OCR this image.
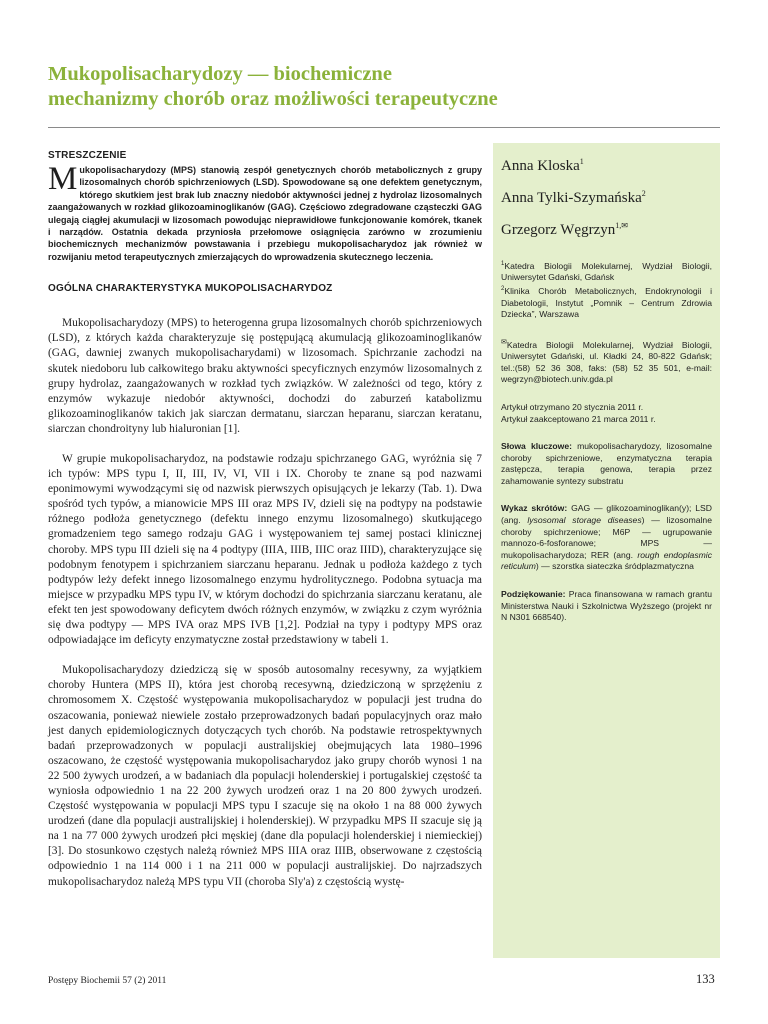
Mukopolisacharydozy — biochemiczne
mechanizmy chorób oraz możliwości terapeutyczne
STRESZCZENIE

Mukopolisacharydozy (MPS) stanowią zespół genetycznych chorób metabolicznych z grupy lizosomalnych chorób spichrzeniowych (LSD). Spowodowane są one defektem genetycznym, którego skutkiem jest brak lub znaczny niedobór aktywności jednej z hydrolaz lizosomalnych zaangażowanych w rozkład glikozoaminoglikanów (GAG). Częściowo zdegradowane cząsteczki GAG ulegają ciągłej akumulacji w lizosomach powodując nieprawidłowe funkcjonowanie komórek, tkanek i narządów. Ostatnia dekada przyniosła przełomowe osiągnięcia zarówno w zrozumieniu biochemicznych mechanizmów powstawania i przebiegu mukopolisacharydoz jak również w rozwijaniu metod terapeutycznych zmierzających do wprowadzenia skutecznego leczenia.

OGÓLNA CHARAKTERYSTYKA MUKOPOLISACHARYDOZ

Mukopolisacharydozy (MPS) to heterogenna grupa lizosomalnych chorób spichrzeniowych (LSD), z których każda charakteryzuje się postępującą akumulacją glikozoaminoglikanów (GAG, dawniej zwanych mukopolisacharydami) w lizosomach. Spichrzanie zachodzi na skutek niedoboru lub całkowitego braku aktywności specyficznych enzymów lizosomalnych z grupy hydrolaz, zaangażowanych w rozkład tych związków. W zależności od tego, który z enzymów wykazuje niedobór aktywności, dochodzi do zaburzeń katabolizmu glikozoaminoglikanów takich jak siarczan dermatanu, siarczan heparanu, siarczan keratanu, siarczan chondroityny lub hialuronian [1].

W grupie mukopolisacharydoz, na podstawie rodzaju spichrzanego GAG, wyróżnia się 7 ich typów: MPS typu I, II, III, IV, VI, VII i IX. Choroby te znane są pod nazwami eponimowymi wywodzącymi się od nazwisk pierwszych opisujących je lekarzy (Tab. 1). Dwa spośród tych typów, a mianowicie MPS III oraz MPS IV, dzieli się na podtypy na podstawie różnego podłoża genetycznego (defektu innego enzymu lizosomalnego) skutkującego gromadzeniem tego samego rodzaju GAG i występowaniem tej samej postaci klinicznej choroby. MPS typu III dzieli się na 4 podtypy (IIIA, IIIB, IIIC oraz IIID), charakteryzujące się podobnym fenotypem i spichrzaniem siarczanu heparanu. Jednak u podłoża każdego z tych podtypów leży defekt innego lizosomalnego enzymu hydrolitycznego. Podobna sytuacja ma miejsce w przypadku MPS typu IV, w którym dochodzi do spichrzania siarczanu keratanu, ale efekt ten jest spowodowany deficytem dwóch różnych enzymów, w związku z czym wyróżnia się dwa podtypy — MPS IVA oraz MPS IVB [1,2]. Podział na typy i podtypy MPS oraz odpowiadające im deficyty enzymatyczne został przedstawiony w tabeli 1.

Mukopolisacharydozy dziedziczą się w sposób autosomalny recesywny, za wyjątkiem choroby Huntera (MPS II), która jest chorobą recesywną, dziedziczoną w sprzężeniu z chromosomem X. Częstość występowania mukopolisacharydoz w populacji jest trudna do oszacowania, ponieważ niewiele zostało przeprowadzonych badań populacyjnych oraz mało jest danych epidemiologicznych dotyczących tych chorób. Na podstawie retrospektywnych badań przeprowadzonych w populacji australijskiej obejmujących lata 1980–1996 oszacowano, że częstość występowania mukopolisacharydoz jako grupy chorób wynosi 1 na 22 500 żywych urodzeń, a w badaniach dla populacji holenderskiej i portugalskiej częstość ta wyniosła odpowiednio 1 na 22 200 żywych urodzeń oraz 1 na 20 800 żywych urodzeń. Częstość występowania w populacji MPS typu I szacuje się na około 1 na 88 000 żywych urodzeń (dane dla populacji australijskiej i holenderskiej). W przypadku MPS II szacuje się ją na 1 na 77 000 żywych urodzeń płci męskiej (dane dla populacji holenderskiej i niemieckiej) [3]. Do stosunkowo częstych należą również MPS IIIA oraz IIIB, obserwowane z częstością odpowiednio 1 na 114 000 i 1 na 211 000 w populacji australijskiej. Do najrzadszych mukopolisacharydoz należą MPS typu VII (choroba Sly'a) z częstością wystę-

Anna Kloska$^1$
Anna Tylki-Szymańska$^2$
Grzegorz Węgrzyn$^{1,✉}$

$^1$Katedra Biologii Molekularnej, Wydział Biologii, Uniwersytet Gdański, Gdańsk

$^2$Klinika Chorób Metabolicznych, Endokrynologii i Diabetologii, Instytut „Pomnik – Centrum Zdrowia Dziecka”, Warszawa

✉Katedra Biologii Molekularnej, Wydział Biologii, Uniwersytet Gdański, ul. Kładki 24, 80-822 Gdańsk; tel.:(58) 52 36 308, faks: (58) 52 35 501, e-mail: wegrzyn@biotech.univ.gda.pl

Artykuł otrzymano 20 stycznia 2011 r.

Artykuł zaakceptowano 21 marca 2011 r.

Słowa kluczowe: mukopolisacharydozy, lizosomalne choroby spichrzeniowe, enzymatyczna terapia zastępcza, terapia genowa, terapia przez zahamowanie syntezy substratu

Wykaz skrótów: GAG — glikozoaminoglikan(y); LSD (ang. lysosomal storage diseases) — lizosomalne choroby spichrzeniowe; M6P — ugrupowanie mannozo-6-fosforanowe; MPS — mukopolisacharydoza; RER (ang. rough endoplasmic reticulum) — szorstka siateczka śródplazmatyczna

Podziękowanie: Praca finansowana w ramach grantu Ministerstwa Nauki i Szkolnictwa Wyższego (projekt nr N N301 668540).

Postępy Biochemii 57 (2) 2011	133
